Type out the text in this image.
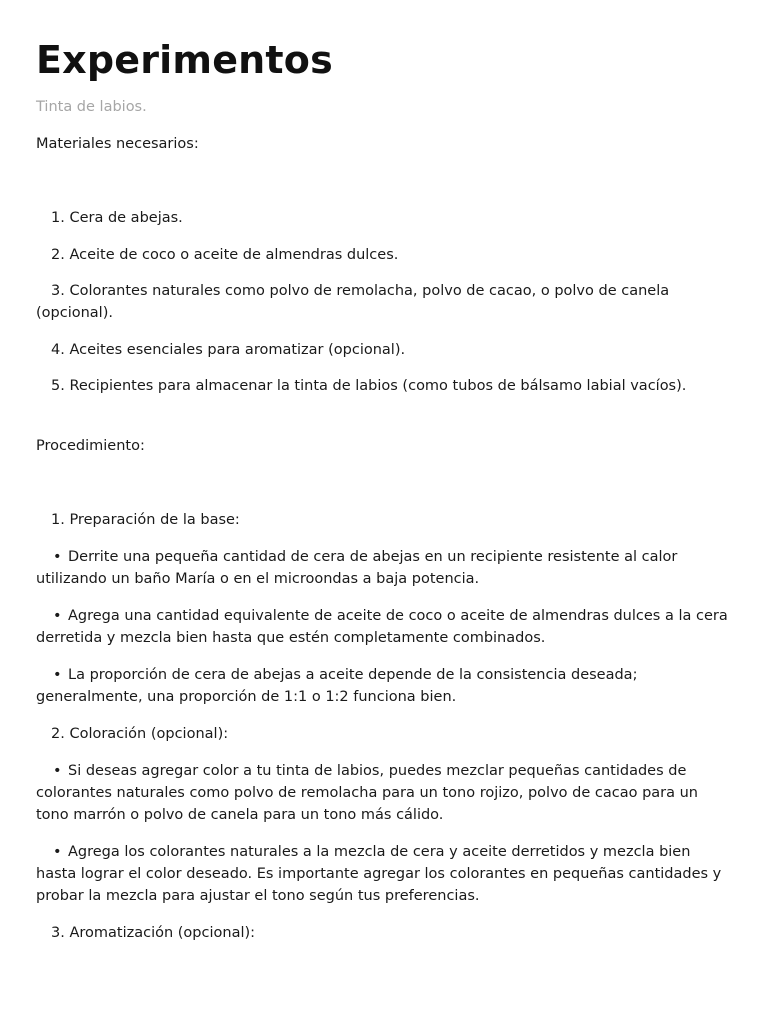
Experimentos
Tinta de labios.

Materiales necesarios:

1. Cera de abejas.

2. Aceite de coco o aceite de almendras dulces.

3. Colorantes naturales como polvo de remolacha, polvo de cacao, o polvo de canela (opcional).

4. Aceites esenciales para aromatizar (opcional).

5. Recipientes para almacenar la tinta de labios (como tubos de bálsamo labial vacíos).

Procedimiento:

1. Preparación de la base:

• Derrite una pequeña cantidad de cera de abejas en un recipiente resistente al calor utilizando un baño María o en el microondas a baja potencia.

• Agrega una cantidad equivalente de aceite de coco o aceite de almendras dulces a la cera derretida y mezcla bien hasta que estén completamente combinados.

• La proporción de cera de abejas a aceite depende de la consistencia deseada; generalmente, una proporción de 1:1 o 1:2 funciona bien.

2. Coloración (opcional):

• Si deseas agregar color a tu tinta de labios, puedes mezclar pequeñas cantidades de colorantes naturales como polvo de remolacha para un tono rojizo, polvo de cacao para un tono marrón o polvo de canela para un tono más cálido.

• Agrega los colorantes naturales a la mezcla de cera y aceite derretidos y mezcla bien hasta lograr el color deseado. Es importante agregar los colorantes en pequeñas cantidades y probar la mezcla para ajustar el tono según tus preferencias.

3. Aromatización (opcional):
